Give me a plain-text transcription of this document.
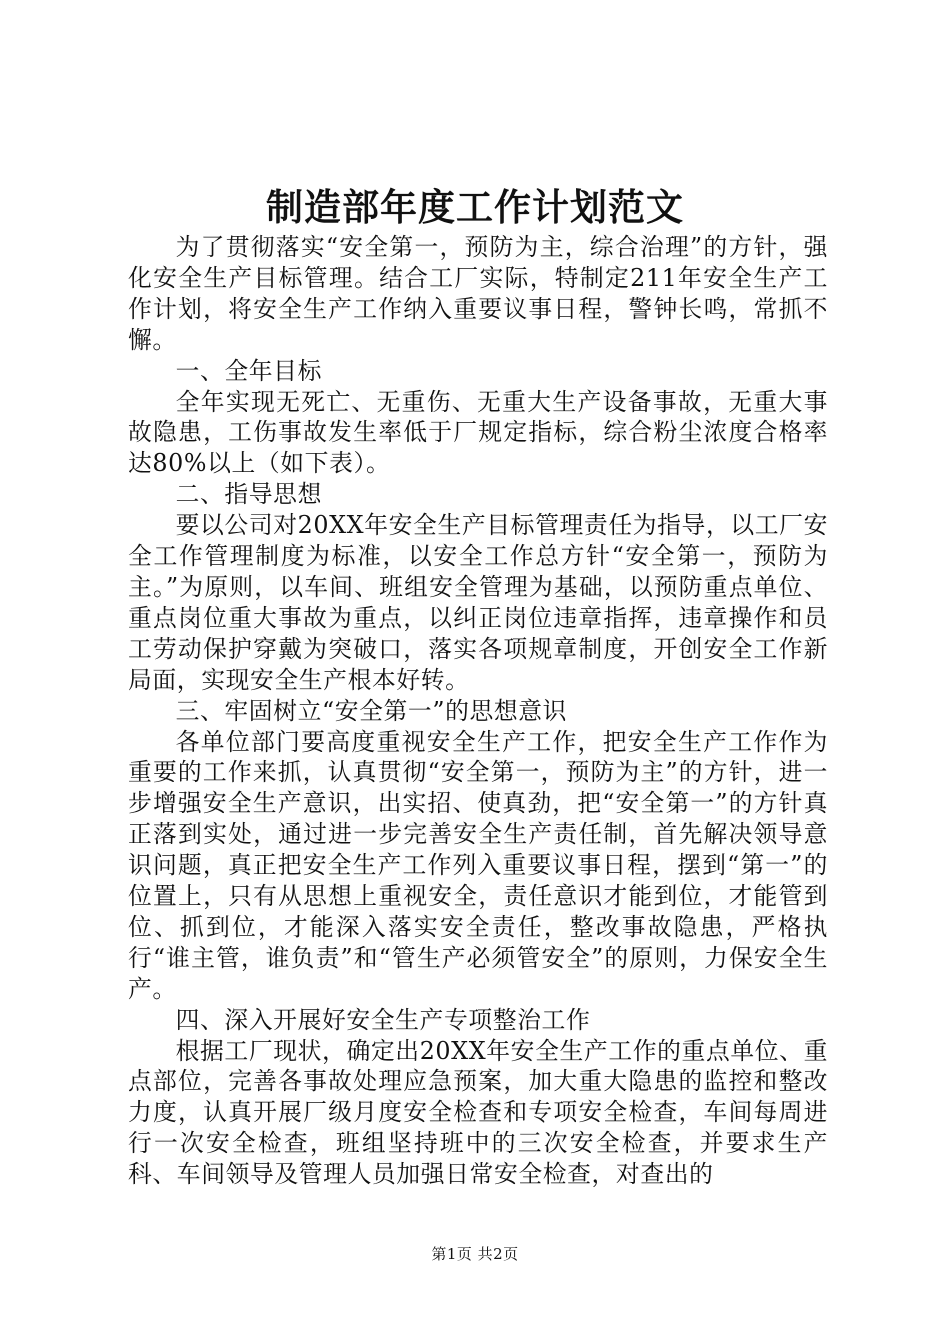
制造部年度工作计划范文

为了贯彻落实“安全第一，预防为主，综合治理”的方针，强化安全生产目标管理。结合工厂实际，特制定211年安全生产工作计划，将安全生产工作纳入重要议事日程，警钟长鸣，常抓不懈。

一、全年目标

全年实现无死亡、无重伤、无重大生产设备事故，无重大事故隐患，工伤事故发生率低于厂规定指标，综合粉尘浓度合格率达80%以上（如下表）。

二、指导思想

要以公司对20XX年安全生产目标管理责任为指导，以工厂安全工作管理制度为标准，以安全工作总方针“安全第一，预防为主。”为原则，以车间、班组安全管理为基础，以预防重点单位、重点岗位重大事故为重点，以纠正岗位违章指挥，违章操作和员工劳动保护穿戴为突破口，落实各项规章制度，开创安全工作新局面，实现安全生产根本好转。

三、牢固树立“安全第一”的思想意识

各单位部门要高度重视安全生产工作，把安全生产工作作为重要的工作来抓，认真贯彻“安全第一，预防为主”的方针，进一步增强安全生产意识，出实招、使真劲，把“安全第一”的方针真正落到实处，通过进一步完善安全生产责任制，首先解决领导意识问题，真正把安全生产工作列入重要议事日程，摆到“第一”的位置上，只有从思想上重视安全，责任意识才能到位，才能管到位、抓到位，才能深入落实安全责任，整改事故隐患，严格执行“谁主管，谁负责”和“管生产必须管安全”的原则，力保安全生产。

四、深入开展好安全生产专项整治工作

根据工厂现状，确定出20XX年安全生产工作的重点单位、重点部位，完善各事故处理应急预案，加大重大隐患的监控和整改力度，认真开展厂级月度安全检查和专项安全检查，车间每周进行一次安全检查，班组坚持班中的三次安全检查，并要求生产科、车间领导及管理人员加强日常安全检查，对查出的

第1页 共2页
